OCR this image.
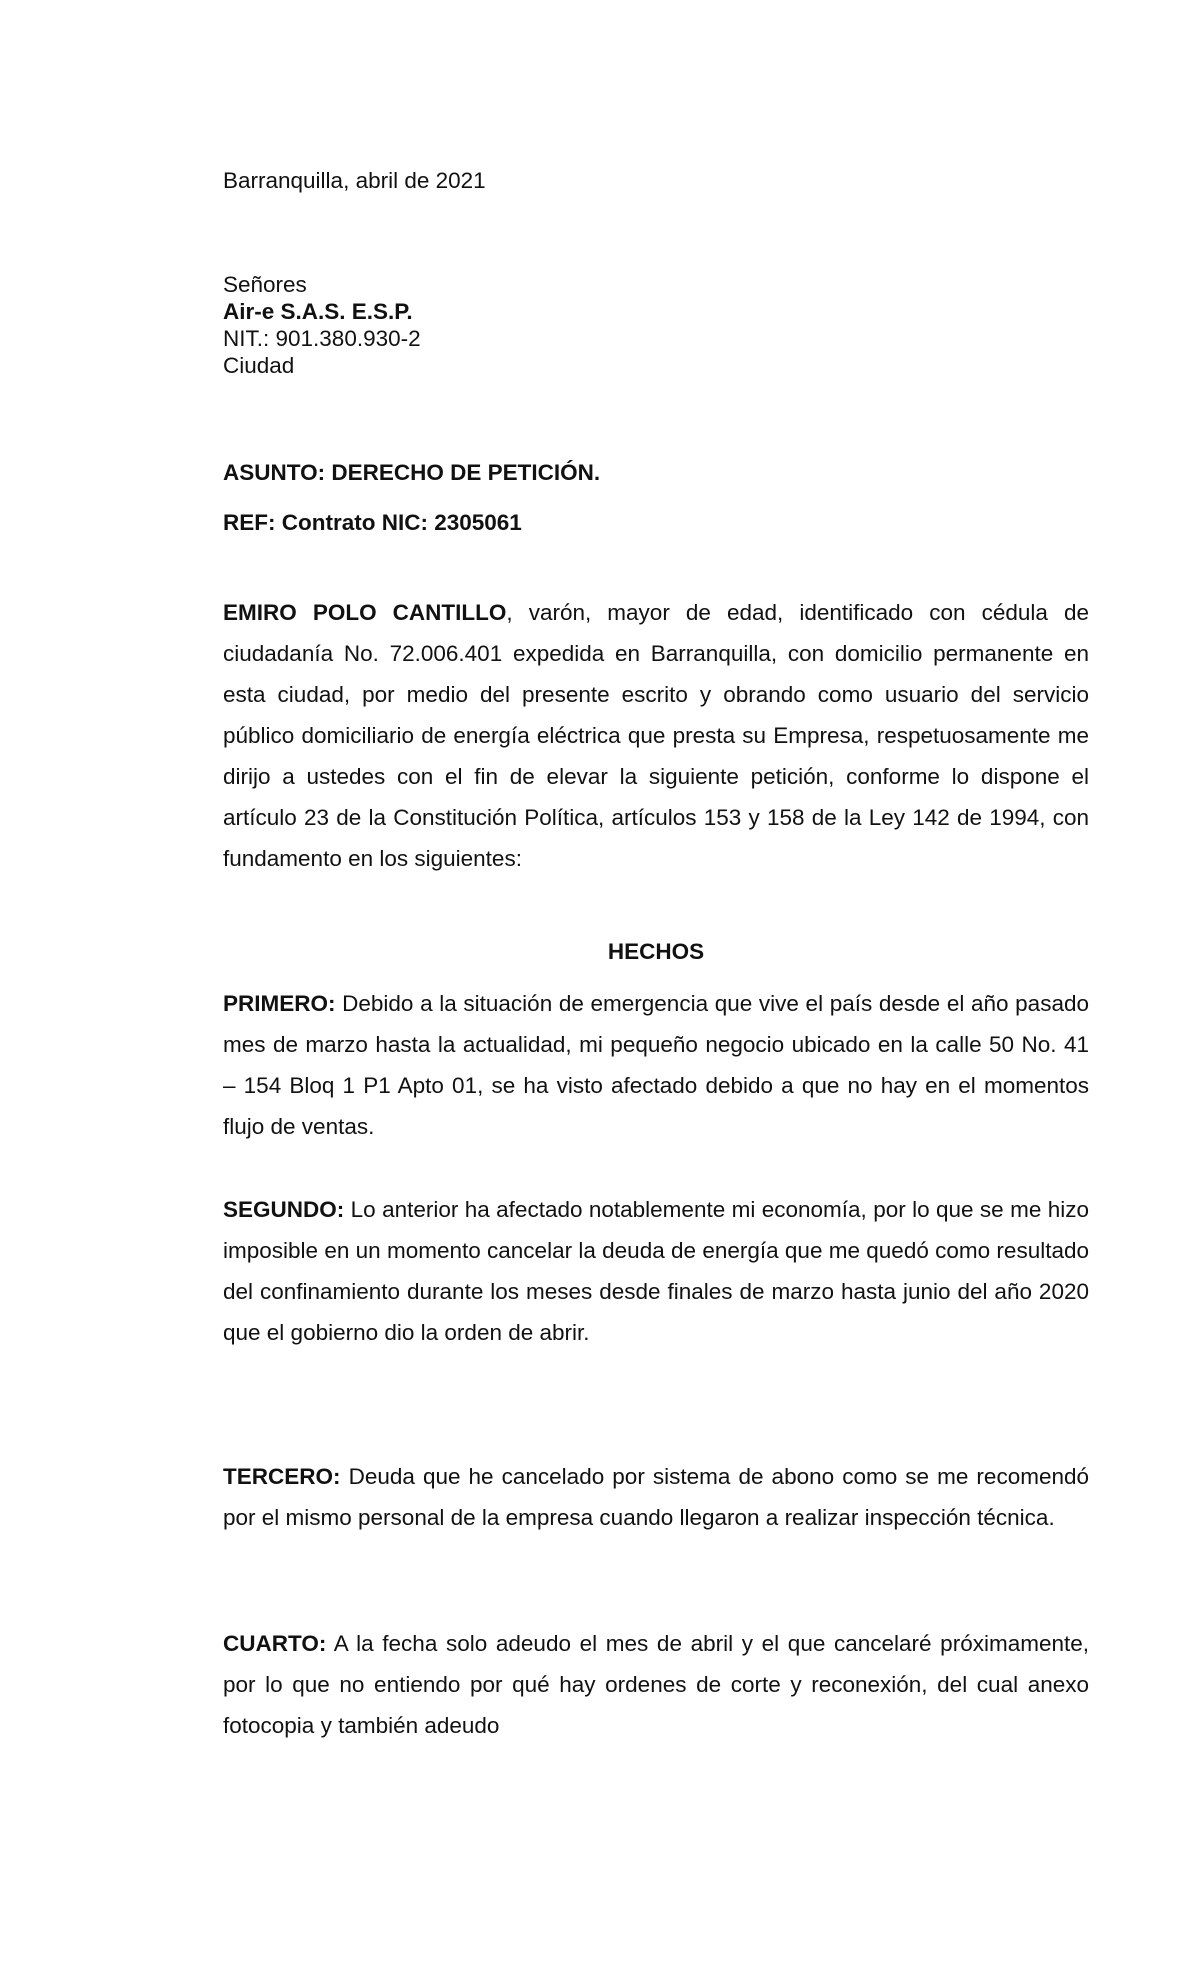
Barranquilla, abril de 2021
Señores
Air-e S.A.S. E.S.P.
NIT.: 901.380.930-2
Ciudad
ASUNTO: DERECHO DE PETICIÓN.
REF: Contrato NIC: 2305061
EMIRO POLO CANTILLO, varón, mayor de edad, identificado con cédula de ciudadanía No. 72.006.401 expedida en Barranquilla, con domicilio permanente en esta ciudad, por medio del presente escrito y obrando como usuario del servicio público domiciliario de energía eléctrica que presta su Empresa, respetuosamente me dirijo a ustedes con el fin de elevar la siguiente petición, conforme lo dispone el artículo 23 de la Constitución Política, artículos 153 y 158 de la Ley 142 de 1994, con fundamento en los siguientes:
HECHOS
PRIMERO: Debido a la situación de emergencia que vive el país desde el año pasado mes de marzo hasta la actualidad, mi pequeño negocio ubicado en la calle 50 No. 41 – 154 Bloq 1 P1 Apto 01, se ha visto afectado debido a que no hay en el momentos flujo de ventas.
SEGUNDO: Lo anterior ha afectado notablemente mi economía, por lo que se me hizo imposible en un momento cancelar la deuda de energía que me quedó como resultado del confinamiento durante los meses desde finales de marzo hasta junio del año 2020 que el gobierno dio la orden de abrir.
TERCERO: Deuda que he cancelado por sistema de abono como se me recomendó por el mismo personal de la empresa cuando llegaron a realizar inspección técnica.
CUARTO: A la fecha solo adeudo el mes de abril y el que cancelaré próximamente, por lo que no entiendo por qué hay ordenes de corte y reconexión, del cual anexo fotocopia y también adeudo
